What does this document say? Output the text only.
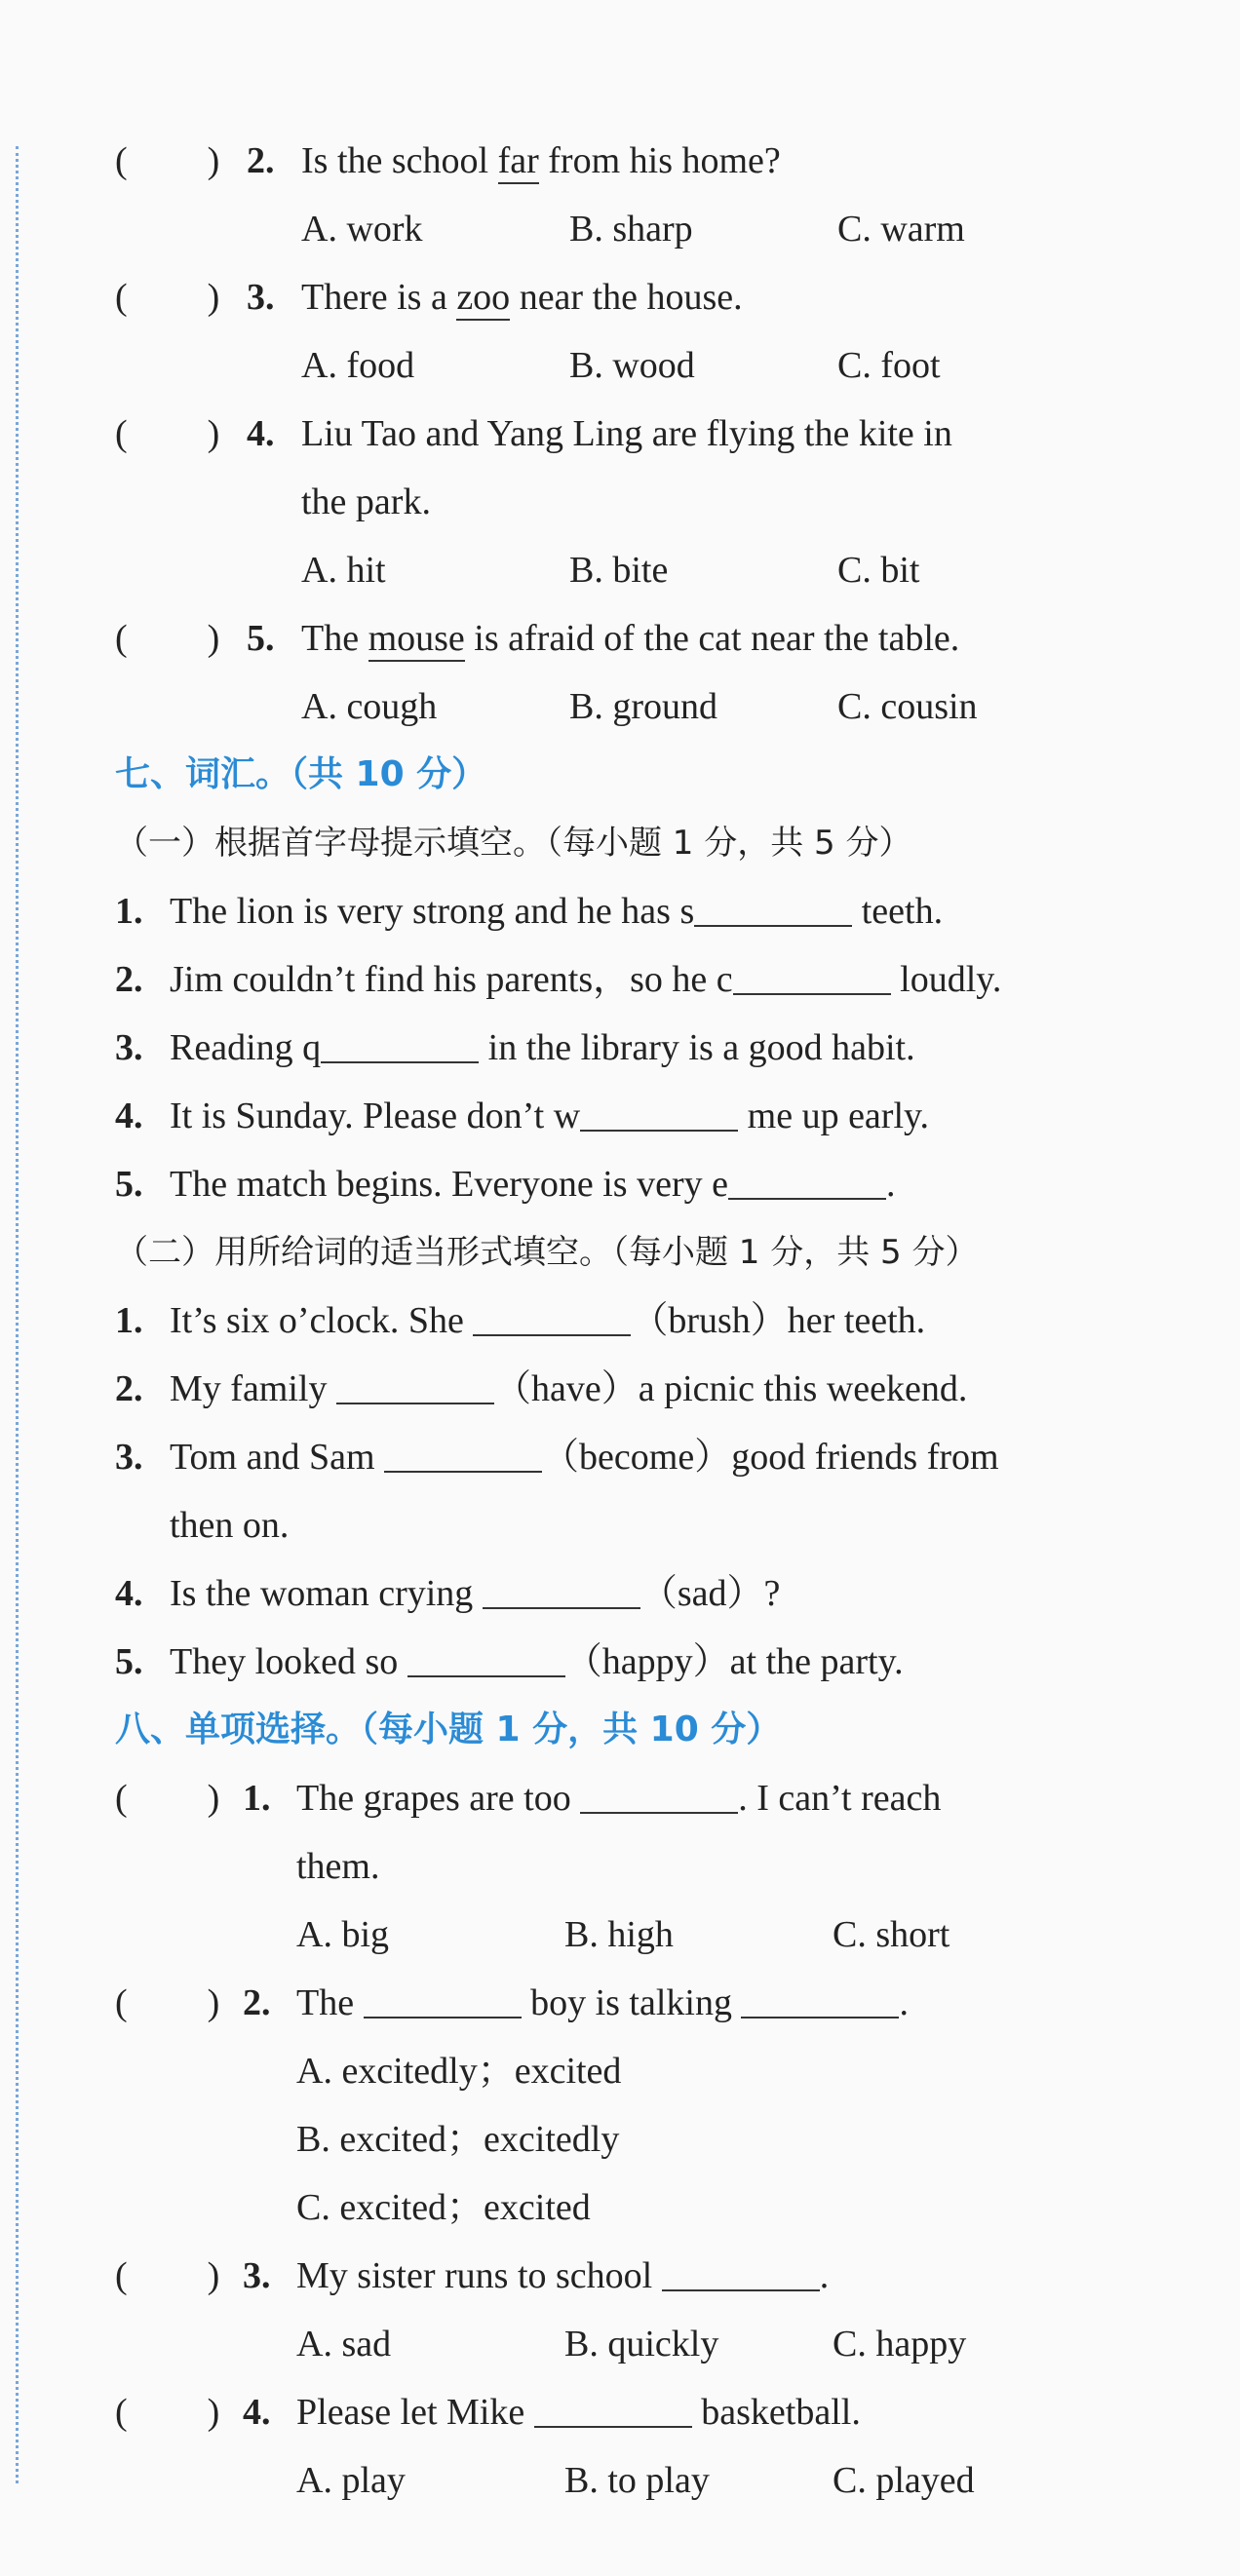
( ) 2. Is the school far from his home?
A. work	B. sharp	C. warm
( ) 3. There is a zoo near the house.
A. food	B. wood	C. foot
( ) 4. Liu Tao and Yang Ling are flying the kite in
the park.
A. hit	B. bite	C. bit
( ) 5. The mouse is afraid of the cat near the table.
A. cough	B. ground	C. cousin
七、词汇。（共 10 分）
（一）根据首字母提示填空。（每小题 1 分，共 5 分）
1. The lion is very strong and he has s	teeth.
2. Jim couldn’t find his parents，so he c	loudly.
3. Reading q	in the library is a good habit.
4. It is Sunday. Please don’t w	me up early.
5. The match begins. Everyone is very e	.
（二）用所给词的适当形式填空。（每小题 1 分，共 5 分）
1. It’s six o’clock. She	（brush）her teeth.
2. My family	（have）a picnic this weekend.
3. Tom and Sam	（become）good friends from
then on.
4. Is the woman crying	（sad）?
5. They looked so	（happy）at the party.
八、单项选择。（每小题 1 分，共 10 分）
( ) 1. The grapes are too	. I can’t reach
them.
A. big	B. high	C. short
( ) 2. The	boy is talking	.
A. excitedly；excited
B. excited；excitedly
C. excited；excited
( ) 3. My sister runs to school	.
A. sad	B. quickly	C. happy
( ) 4. Please let Mike	basketball.
A. play	B. to play	C. played
